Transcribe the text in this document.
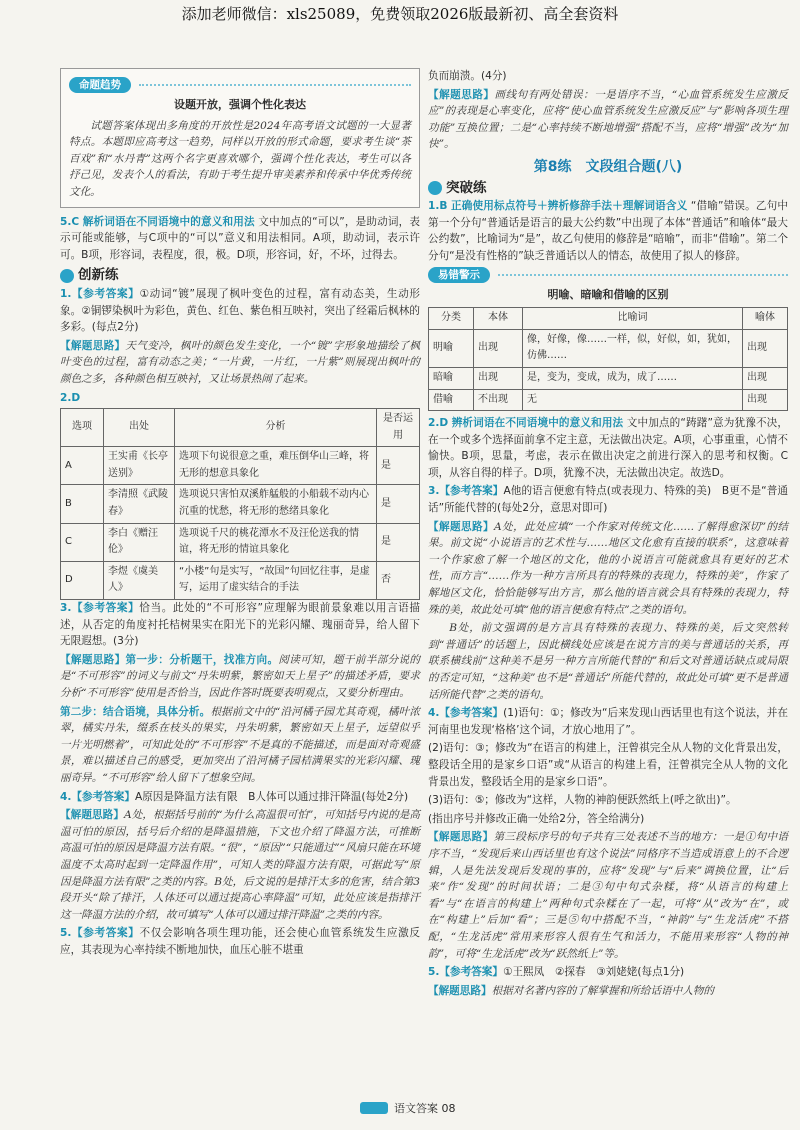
添加老师微信：xls25089，免费领取2026版最新初、高全套资料
命题趋势
设题开放，强调个性化表达

试题答案体现出多角度的开放性是2024年高考语文试题的一大显著特点。本题即应高考这一趋势，同样以开放的形式命题，要求考生谈“茶百戏”和“水丹青”这两个名字更喜欢哪个，强调个性化表达，考生可以各抒己见，发表个人的看法，有助于考生提升审美素养和传承中华优秀传统文化。

5.C 解析词语在不同语境中的意义和用法 文中加点的“可以”，是助动词，表示可能或能够，与C项中的“可以”意义和用法相同。A项，助动词，表示许可。B项，形容词，表程度，很，极。D项，形容词，好，不坏，过得去。

创新练

1.【参考答案】①动词“镀”展现了枫叶变色的过程，富有动态美，生动形象。②铜锣染枫叶为彩色，黄色、红色、紫色相互映衬，突出了经霜后枫林的多彩。(每点2分)

【解题思路】天气变冷，枫叶的颜色发生变化，一个“镀”字形象地描绘了枫叶变色的过程，富有动态之美；“一片黄，一片红，一片紫”则展现出枫叶的颜色之多，各种颜色相互映衬，又让场景热闹了起来。

2.D

选项	出处	分析	是否运用
A	王实甫《长亭送别》	选项下句说很意之重，难压倒华山三峰，将无形的想意具象化	是
B	李清照《武陵春》	选项说只害怕双溪舴艋般的小船载不动内心沉重的忧愁，将无形的愁绪具象化	是
C	李白《赠汪伦》	选项说千尺的桃花潭水不及汪伦送我的情谊，将无形的情谊具象化	是
D	李煜《虞美人》	“小楼”句是实写，“故国”句回忆往事，是虚写，运用了虚实结合的手法	否

3.【参考答案】恰当。此处的“不可形容”应理解为眼前景象难以用言语描述，从否定的角度衬托桔树果实在阳光下的光彩闪耀、瑰丽奇异，给人留下无限遐想。(3分)

【解题思路】第一步：分析题干，找准方向。阅读可知，题干前半部分说的是“不可形容”的词义与前文“丹朱明紫，繁密如天上星子”的描述矛盾，要求分析“不可形容”使用是否恰当，因此作答时既要表明观点，又要分析理由。

第二步：结合语境，具体分析。根据前文中的“沿河橘子园尤其奇观，橘叶浓翠，橘实丹朱，缀系在枝头的果实，丹朱明紫，繁密如天上星子，远望似乎一片光明燃着”，可知此处的“不可形容”不是真的不能描述，而是面对奇观盛景，难以描述自己的感受，更加突出了沿河橘子园桔满果实的光彩闪耀、瑰丽奇异。“不可形容”给人留下了想象空间。

4.【参考答案】A原因是降温方法有限　B人体可以通过排汗降温(每处2分)

【解题思路】A处，根据括号前的“为什么高温很可怕”，可知括号内说的是高温可怕的原因，括号后介绍的是降温措施，下文也介绍了降温方法，可推断高温可怕的原因是降温方法有限。“很”，“原因”“只能通过”“风扇只能在环境温度不太高时起到一定降温作用”，可知人类的降温方法有限，可据此写“原因是降温方法有限”之类的内容。B处，后文说的是排汗太多的危害，结合第3段开头“除了排汗，人体还可以通过提高心率降温”可知，此处应该是指排汗这一降温方法的介绍，故可填写“人体可以通过排汗降温”之类的内容。

5.【参考答案】不仅会影响各项生理功能，还会使心血管系统发生应激反应，其表现为心率持续不断地加快，血压心脏不堪重

负而崩溃。(4分)

【解题思路】画线句有两处错误：一是语序不当，“心血管系统发生应激反应”的表现是心率变化，应将“使心血管系统发生应激反应”与“影响各项生理功能”互换位置；二是“心率持续不断地增强”搭配不当，应将“增强”改为“加快”。

第8练　文段组合题(八)
突破练

1.B 正确使用标点符号＋辨析修辞手法＋理解词语含义 “借喻”错误。乙句中第一个分句“普通话是语言的最大公约数”中出现了本体“普通话”和喻体“最大公约数”，比喻词为“是”，故乙句使用的修辞是“暗喻”，而非“借喻”。第二个分句“是没有性格的”缺乏普通话以人的情态，故使用了拟人的修辞。

易错警示
明喻、暗喻和借喻的区别
分类	本体	比喻词	喻体
明喻	出现	像，好像，像……一样，似，好似，如，犹如，仿佛……	出现
暗喻	出现	是，变为，变成，成为，成了……	出现
借喻	不出现	无	出现

2.D 辨析词语在不同语境中的意义和用法 文中加点的“踌躇”意为犹豫不决，在一个或多个选择面前拿不定主意，无法做出决定。A项，心事重重，心情不愉快。B项，思量，考虑，表示在做出决定之前进行深入的思考和权衡。C项，从容自得的样子。D项，犹豫不决，无法做出决定。故选D。

3.【参考答案】A他的语言便愈有特点(或表现力、特殊的美)　B更不是“普通话”所能代替的(每处2分，意思对即可)

【解题思路】A处，此处应填“一个作家对传统文化……了解得愈深切”的结果。前文说“小说语言的艺术性与……地区文化愈有直接的联系”，这意味着一个作家愈了解一个地区的文化，他的小说语言可能就愈具有更好的艺术性，而方言“……作为一种方言所具有的特殊的表现力，特殊的美”，作家了解地区文化，恰恰能够写出方言，那么他的语言就会具有特殊的表现力，特殊的美，故此处可填“他的语言便愈有特点”之类的语句。

B处，前文强调的是方言具有特殊的表现力、特殊的美，后文突然转到“普通话”的话题上，因此横线处应该是在说方言的美与普通话的关系，再联系横线前“这种美不是另一种方言所能代替的”和后文对普通话缺点或局限的否定可知，“这种美”也不是“普通话”所能代替的，故此处可填“更不是普通话所能代替”之类的语句。

4.【参考答案】(1)语句：①；修改为“后来发现山西话里也有这个说法，并在河南里也发现‘格格’这个词，才放心地用了”。

(2)语句：③；修改为“在语言的构建上，汪曾祺完全从人物的文化背景出发，整段话全用的是家乡口语”或“从语言的构建上看，汪曾祺完全从人物的文化背景出发，整段话全用的是家乡口语”。

(3)语句：⑤；修改为“这样，人物的神韵便跃然纸上(呼之欲出)”。

(指出序号并修改正确一处给2分，答全给满分)

【解题思路】第三段标序号的句子共有三处表述不当的地方：一是①句中语序不当，“发现后来山西话里也有这个说法”同格序不当造成语意上的不合逻辑，人是先法发现后发现的事的，应将“发现”与“后来”调换位置，让“后来”作“发现”的时间状语；二是③句中句式杂糅，将“从语言的构建上看”与“在语言的构建上”两种句式杂糅在了一起，可将“从”改为“在”，或在“构建上”后加“看”；三是⑤句中搭配不当，“神韵”与“生龙活虎”不搭配，“生龙活虎”常用来形容人很有生气和活力，不能用来形容“人物的神韵”，可将“生龙活虎”改为“跃然纸上”等。

5.【参考答案】①王熙凤　②探春　③刘姥姥(每点1分)

【解题思路】根据对名著内容的了解掌握和所给话语中人物的

语文答案 08
